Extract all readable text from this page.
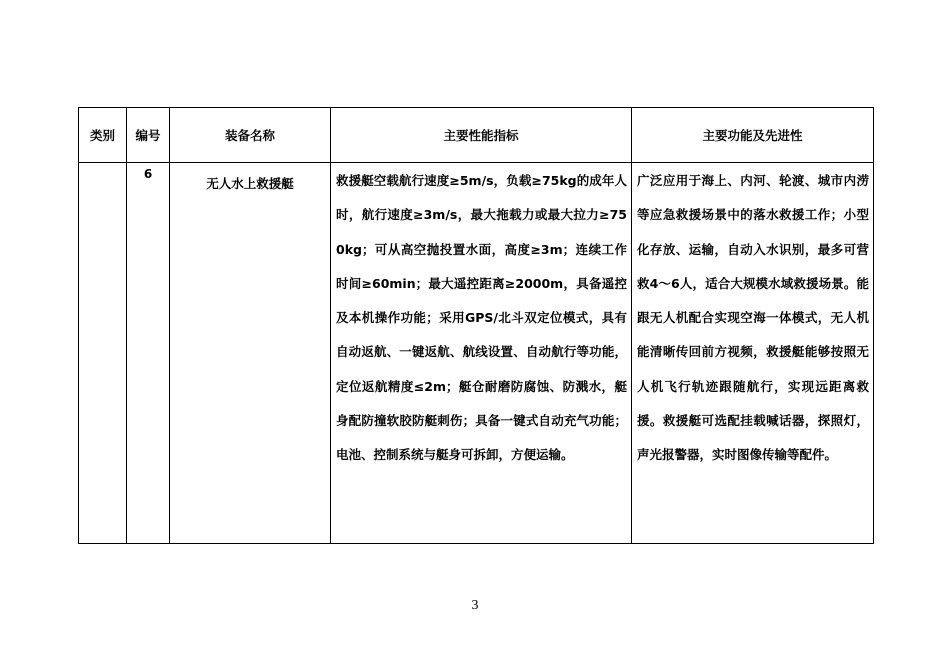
类别	编号	装备名称	主要性能指标	主要功能及先进性
	6	无人水上救援艇	救援艇空载航行速度≥5m/s，负载≥75kg的成年人时，航行速度≥3m/s，最大拖载力或最大拉力≥750kg；可从高空抛投置水面，高度≥3m；连续工作时间≥60min；最大遥控距离≥2000m，具备遥控及本机操作功能；采用GPS/北斗双定位模式，具有自动返航、一键返航、航线设置、自动航行等功能，定位返航精度≤2m；艇仓耐磨防腐蚀、防溅水，艇身配防撞软胶防艇刺伤；具备一键式自动充气功能；电池、控制系统与艇身可拆卸，方便运输。	广泛应用于海上、内河、轮渡、城市内涝等应急救援场景中的落水救援工作；小型化存放、运输，自动入水识别，最多可营救4～6人，适合大规模水域救援场景。能跟无人机配合实现空海一体模式，无人机能清晰传回前方视频，救援艇能够按照无人机飞行轨迹跟随航行，实现远距离救援。救援艇可选配挂载喊话器，探照灯，声光报警器，实时图像传输等配件。

3
